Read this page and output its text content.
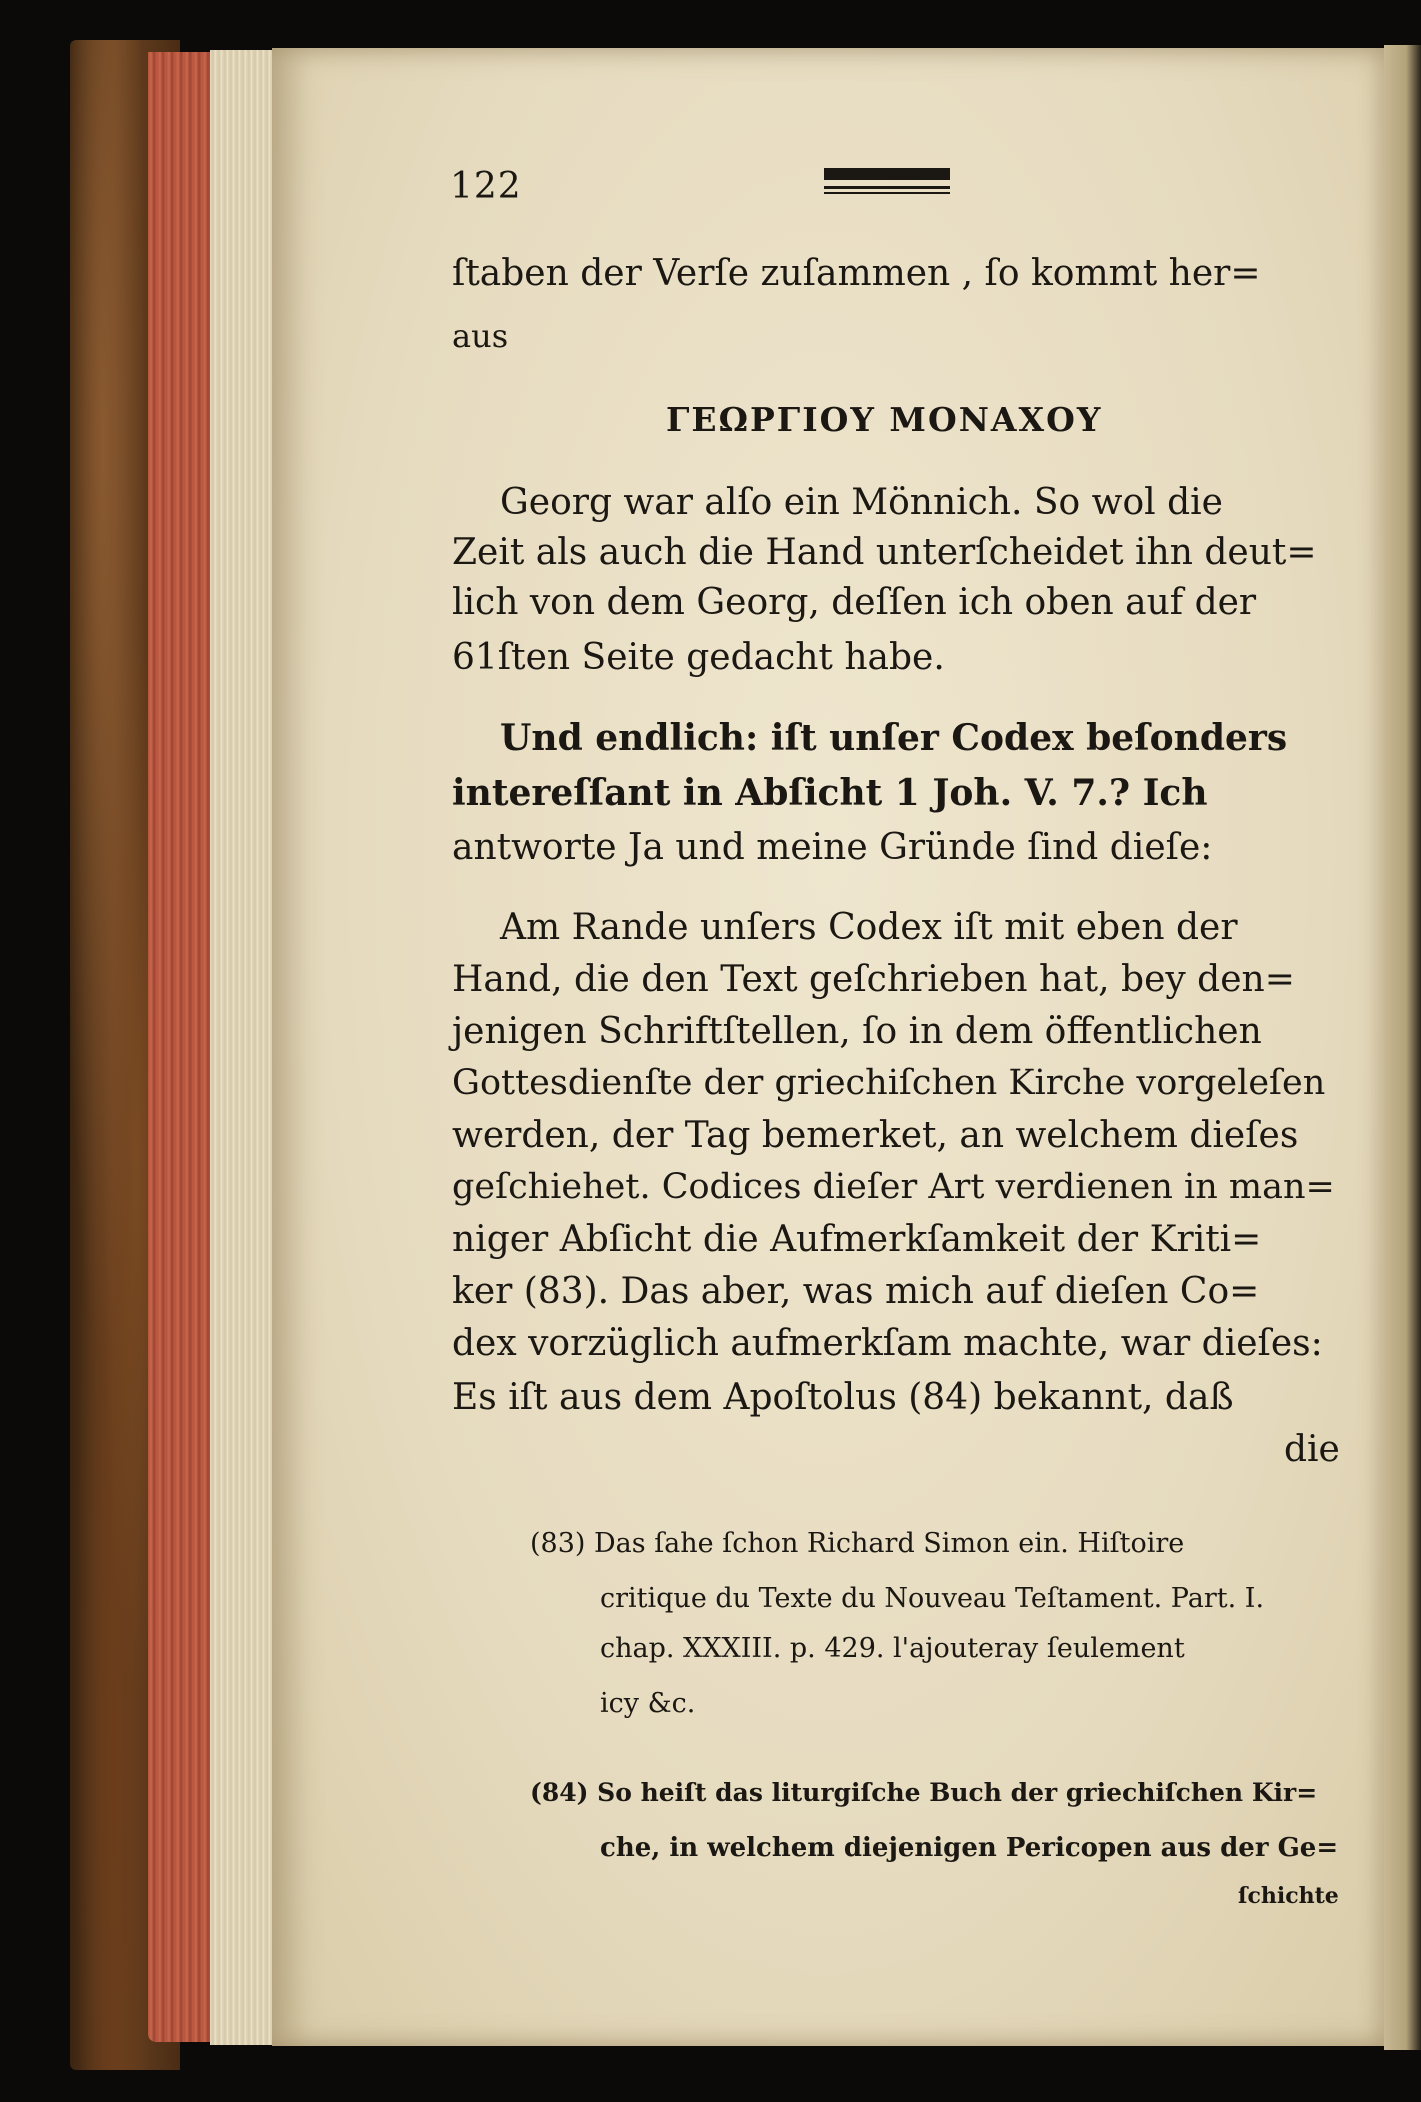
122
ſtaben der Verſe zuſammen , ſo kommt her=
aus
ΓΕΩΡΓΙΟΥ ΜΟΝΑΧΟΥ
Georg war alſo ein Mönnich. So wol die
Zeit als auch die Hand unterſcheidet ihn deut=
lich von dem Georg, deſſen ich oben auf der
61ſten Seite gedacht habe.
Und endlich: iſt unſer Codex beſonders
intereſſant in Abſicht 1 Joh. V. 7.? Ich
antworte Ja und meine Gründe ſind dieſe:
Am Rande unſers Codex iſt mit eben der
Hand, die den Text geſchrieben hat, bey den=
jenigen Schriftſtellen, ſo in dem öffentlichen
Gottesdienſte der griechiſchen Kirche vorgeleſen
werden, der Tag bemerket, an welchem dieſes
geſchiehet. Codices dieſer Art verdienen in man=
niger Abſicht die Aufmerkſamkeit der Kriti=
ker (83). Das aber, was mich auf dieſen Co=
dex vorzüglich aufmerkſam machte, war dieſes:
Es iſt aus dem Apoſtolus (84) bekannt, daß
die
(83) Das ſahe ſchon Richard Simon ein. Hiſtoire
critique du Texte du Nouveau Teſtament. Part. I.
chap. XXXIII. p. 429. l'ajouteray ſeulement
icy &c.
(84) So heiſt das liturgiſche Buch der griechiſchen Kir=
che, in welchem diejenigen Pericopen aus der Ge=
ſchichte
